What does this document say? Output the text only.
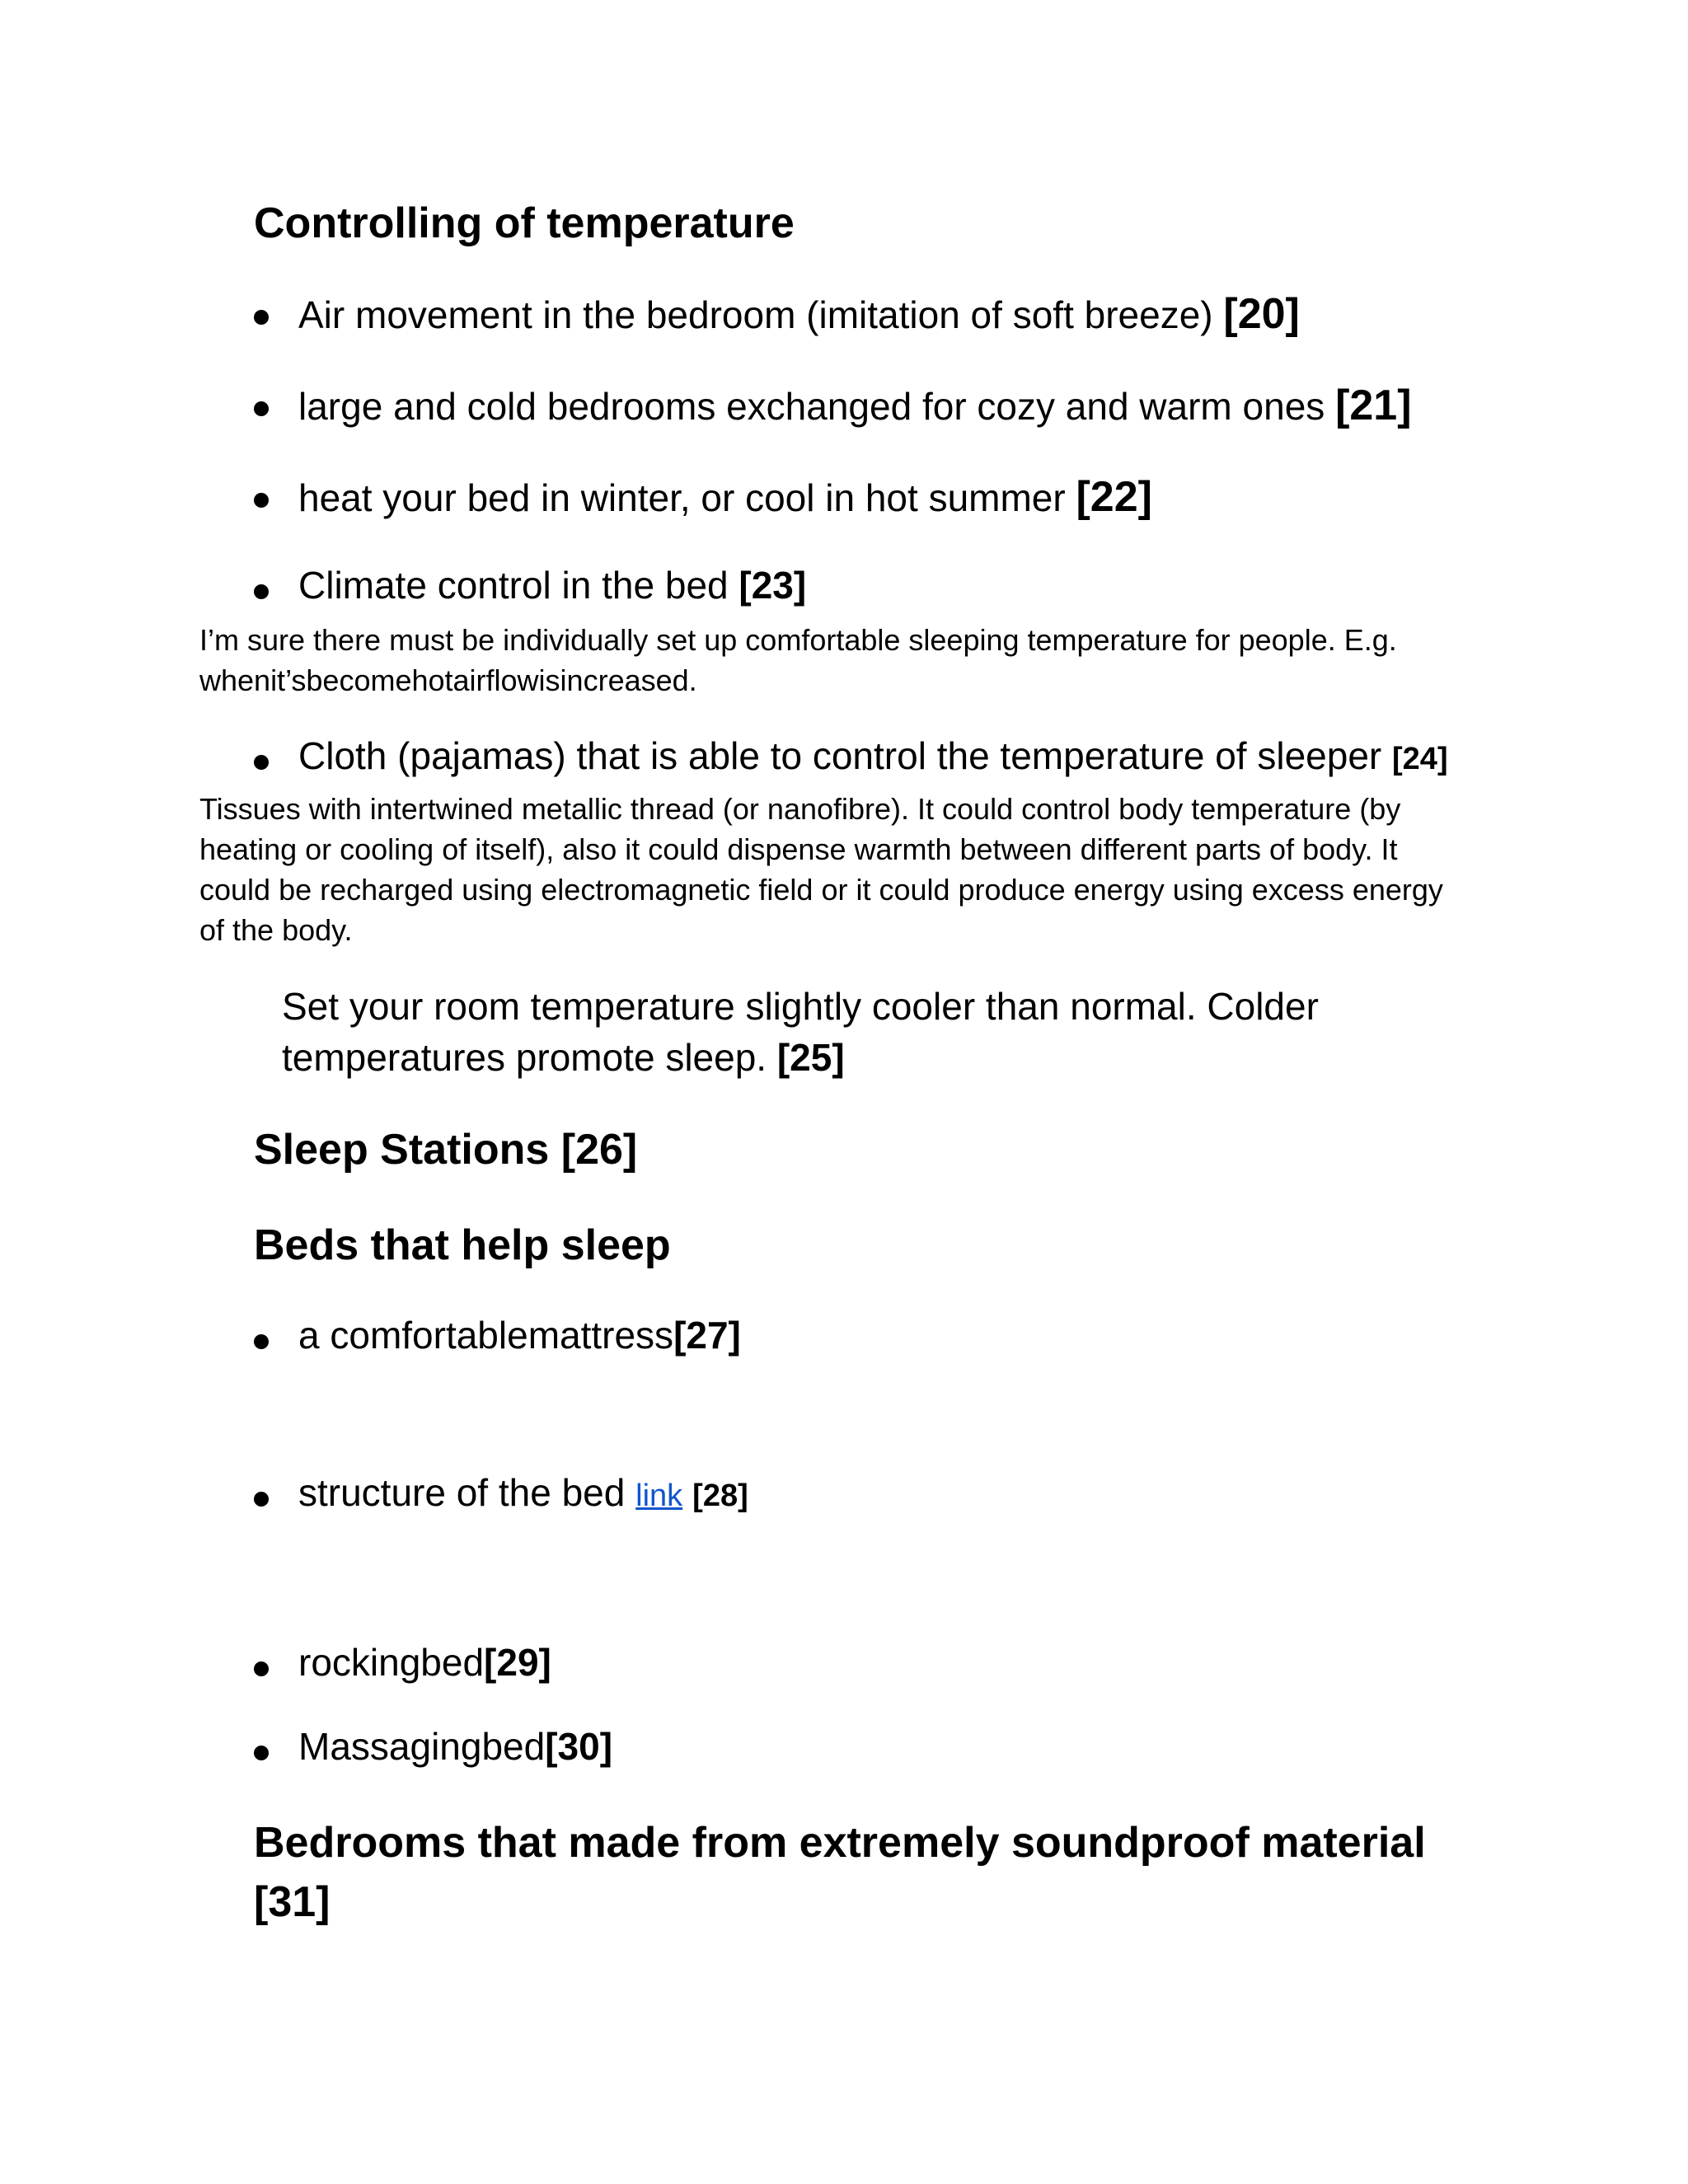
Controlling of temperature
Air movement in the bedroom (imitation of soft breeze) [20]
large and cold bedrooms exchanged for cozy and warm ones [21]
heat your bed in winter, or cool in hot summer [22]
Climate control in the bed [23]
I’m sure there must be individually set up comfortable sleeping temperature for people. E.g.
whenit’sbecomehotairflowisincreased.
Cloth (pajamas) that is able to control the temperature of sleeper [24]
Tissues with intertwined metallic thread (or nanofibre). It could control body temperature (by
heating or cooling of itself), also it could dispense warmth between different parts of body. It
could be recharged using electromagnetic field or it could produce energy using excess energy
of the body.
Set your room temperature slightly cooler than normal. Colder
temperatures promote sleep. [25]
Sleep Stations [26]
Beds that help sleep
a comfortablemattress[27]
structure of the bed link [28]
rockingbed[29]
Massagingbed[30]
Bedrooms that made from extremely soundproof material
[31]
